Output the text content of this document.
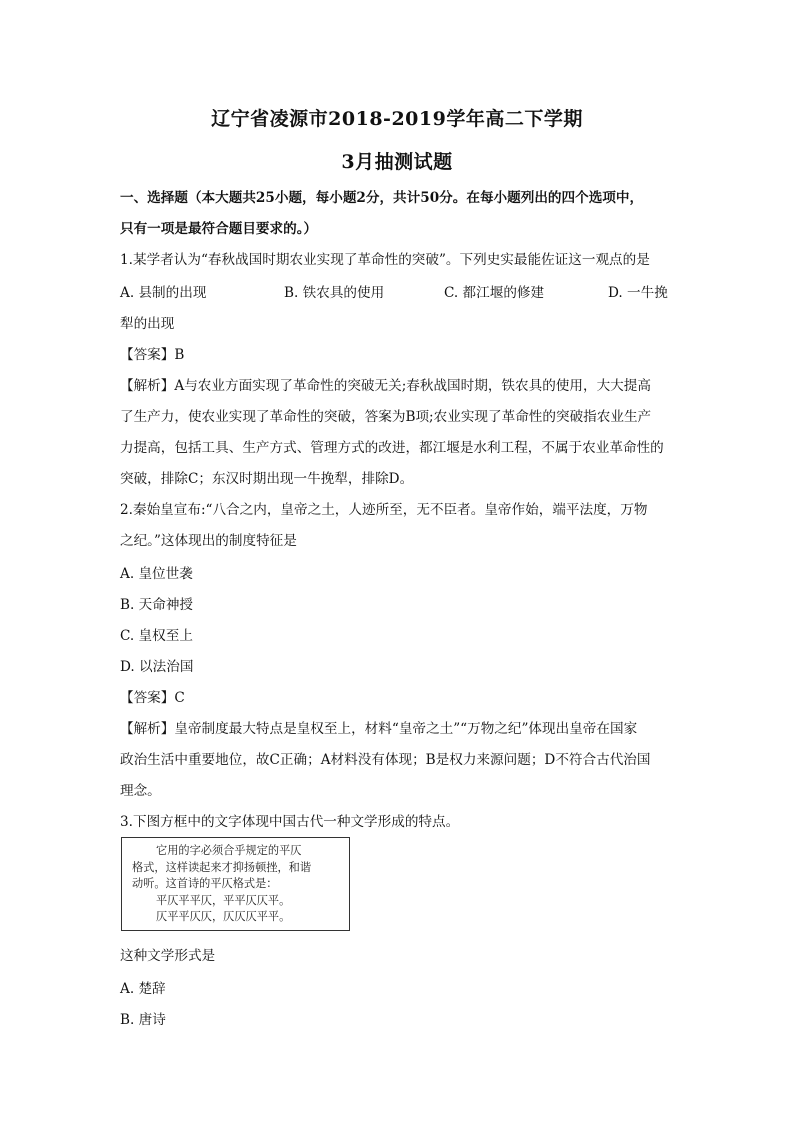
辽宁省凌源市2018-2019学年高二下学期
3月抽测试题
一、选择题（本大题共25小题，每小题2分，共计50分。在每小题列出的四个选项中，
只有一项是最符合题目要求的。）
1.某学者认为“春秋战国时期农业实现了革命性的突破”。下列史实最能佐证这一观点的是
A. 县制的出现	B. 铁农具的使用	C. 都江堰的修建	D. 一牛挽
犁的出现
【答案】B
【解析】A与农业方面实现了革命性的突破无关;春秋战国时期，铁农具的使用，大大提高
了生产力，使农业实现了革命性的突破，答案为B项;农业实现了革命性的突破指农业生产
力提高，包括工具、生产方式、管理方式的改进，都江堰是水利工程，不属于农业革命性的
突破，排除C；东汉时期出现一牛挽犁，排除D。
2.秦始皇宣布:“八合之内，皇帝之土，人迹所至，无不臣者。皇帝作始，端平法度，万物
之纪。”这体现出的制度特征是
A. 皇位世袭
B. 天命神授
C. 皇权至上
D. 以法治国
【答案】C
【解析】皇帝制度最大特点是皇权至上，材料“皇帝之土”“万物之纪”体现出皇帝在国家
政治生活中重要地位，故C正确；A材料没有体现；B是权力来源问题；D不符合古代治国
理念。
3.下图方框中的文字体现中国古代一种文学形成的特点。
它用的字必须合乎规定的平仄
格式，这样读起来才抑扬顿挫，和谐
动听。这首诗的平仄格式是：
平仄平平仄，平平仄仄平。
仄平平仄仄，仄仄仄平平。
这种文学形式是
A. 楚辞
B. 唐诗
